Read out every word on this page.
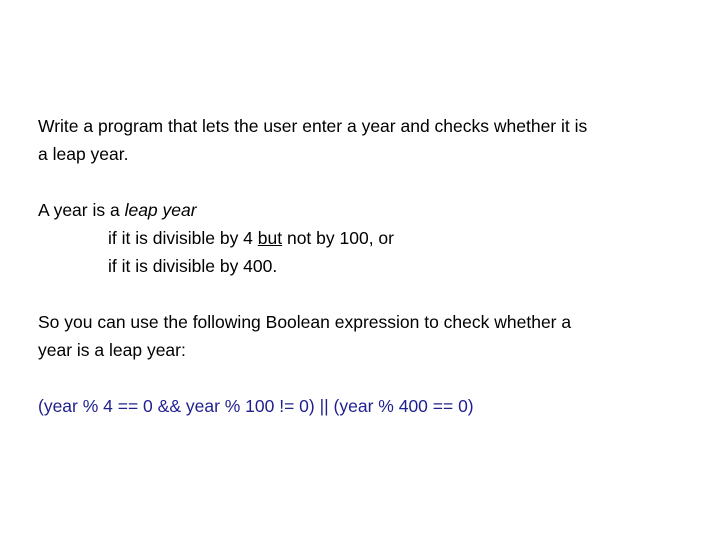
Write a program that lets the user enter a year and checks whether it is
a leap year.
A year is a leap year
if it is divisible by 4 but not by 100, or
if it is divisible by 400.
So you can use the following Boolean expression to check whether a
year is a leap year:
(year % 4 == 0 && year % 100 != 0) || (year % 400 == 0)
